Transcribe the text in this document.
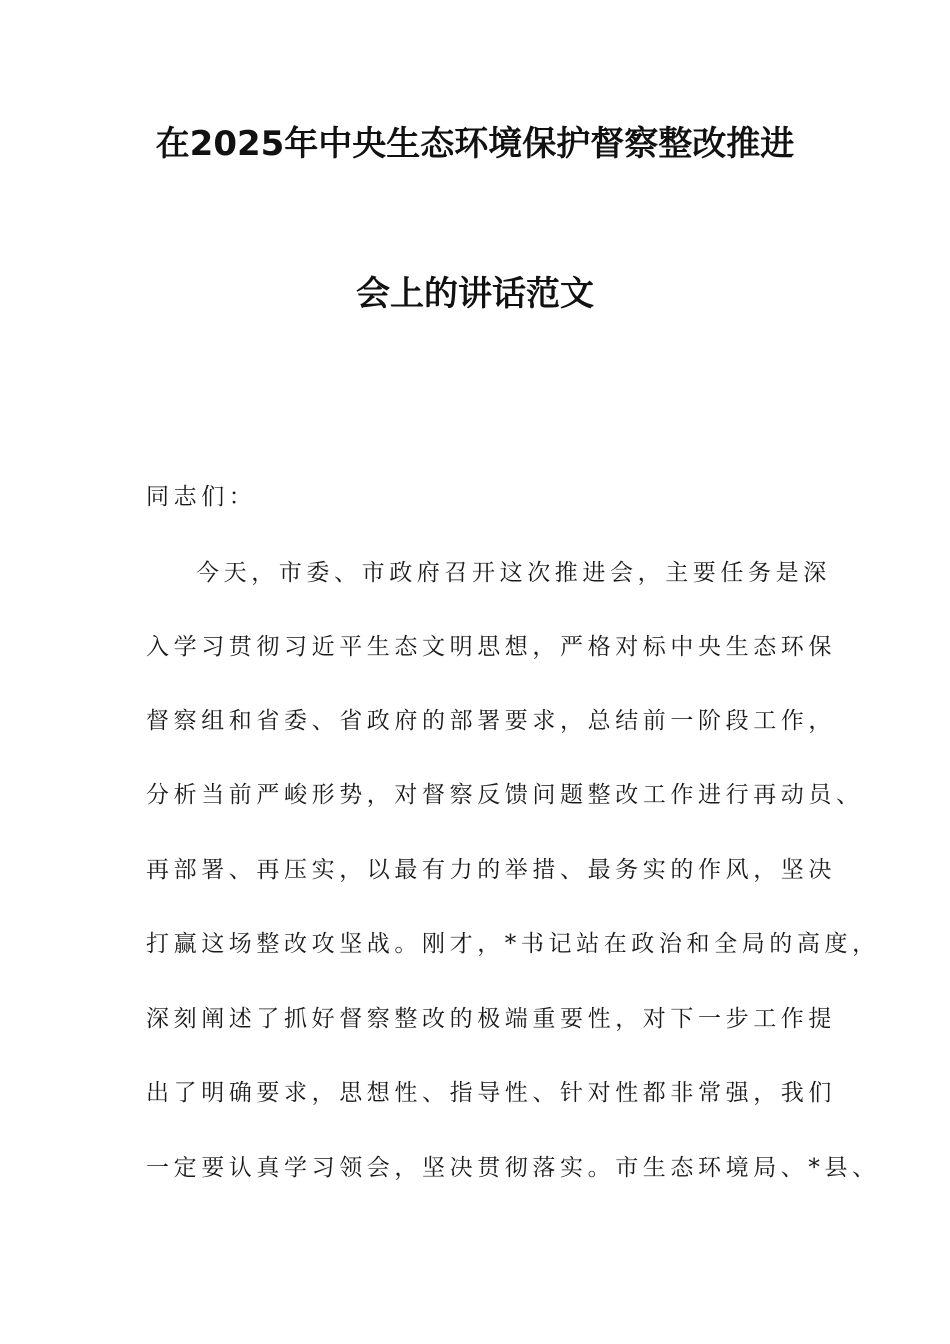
在2025年中央生态环境保护督察整改推进
会上的讲话范文
同志们：
今天，市委、市政府召开这次推进会，主要任务是深
入学习贯彻习近平生态文明思想，严格对标中央生态环保
督察组和省委、省政府的部署要求，总结前一阶段工作，
分析当前严峻形势，对督察反馈问题整改工作进行再动员、
再部署、再压实，以最有力的举措、最务实的作风，坚决
打赢这场整改攻坚战。刚才，*书记站在政治和全局的高度，
深刻阐述了抓好督察整改的极端重要性，对下一步工作提
出了明确要求，思想性、指导性、针对性都非常强，我们
一定要认真学习领会，坚决贯彻落实。市生态环境局、*县、
